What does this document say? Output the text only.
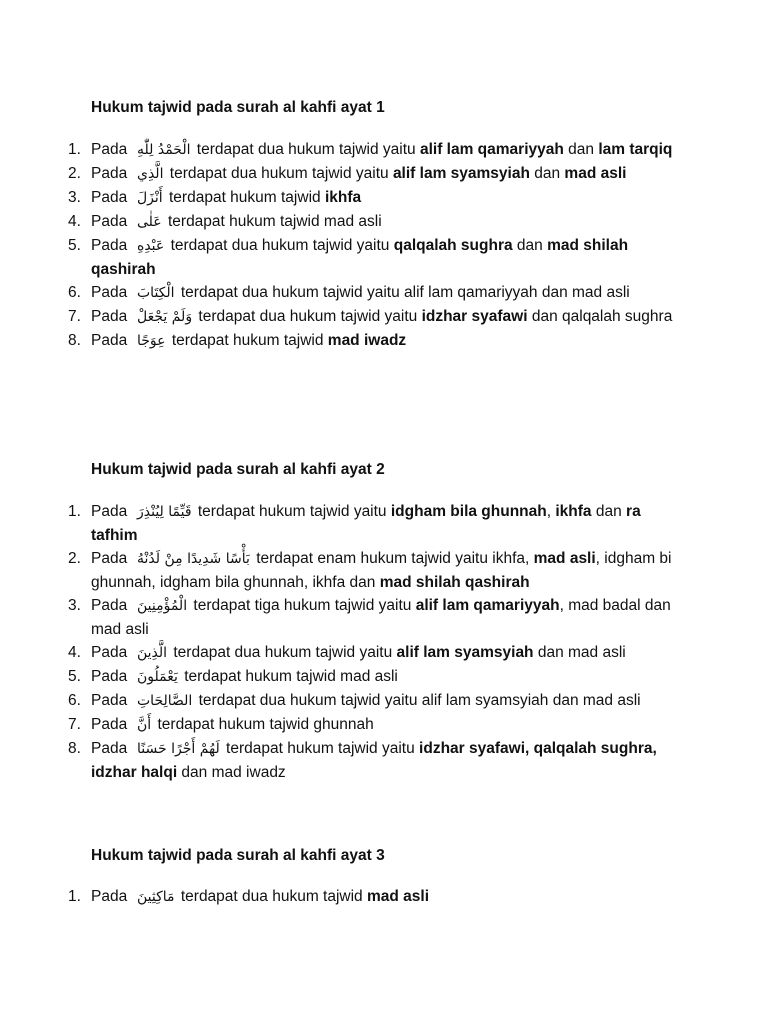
Hukum tajwid pada surah al kahfi ayat 1
1. Pada الْحَمْدُ لِلّٰهِ terdapat dua hukum tajwid yaitu alif lam qamariyyah dan lam tarqiq
2. Pada الَّذِي terdapat dua hukum tajwid yaitu alif lam syamsyiah dan mad asli
3. Pada أَنْزَلَ terdapat hukum tajwid ikhfa
4. Pada عَلٰى terdapat hukum tajwid mad asli
5. Pada عَبْدِهِ terdapat dua hukum tajwid yaitu qalqalah sughra dan mad shilah qashirah
6. Pada الْكِتَابَ terdapat dua hukum tajwid yaitu alif lam qamariyyah dan mad asli
7. Pada وَلَمْ يَجْعَلْ terdapat dua hukum tajwid yaitu idzhar syafawi dan qalqalah sughra
8. Pada عِوَجًا terdapat hukum tajwid mad iwadz
Hukum tajwid pada surah al kahfi ayat 2
1. Pada قَيِّمًا لِيُنْذِرَ terdapat hukum tajwid yaitu idgham bila ghunnah, ikhfa dan ra tafhim
2. Pada بَأْسًا شَدِيدًا مِنْ لَدُنْهُ terdapat enam hukum tajwid yaitu ikhfa, mad asli, idgham bi ghunnah, idgham bila ghunnah, ikhfa dan mad shilah qashirah
3. Pada الْمُؤْمِنِينَ terdapat tiga hukum tajwid yaitu alif lam qamariyyah, mad badal dan mad asli
4. Pada الَّذِينَ terdapat dua hukum tajwid yaitu alif lam syamsyiah dan mad asli
5. Pada يَعْمَلُونَ terdapat hukum tajwid mad asli
6. Pada الصَّالِحَاتِ terdapat dua hukum tajwid yaitu alif lam syamsyiah dan mad asli
7. Pada أَنَّ terdapat hukum tajwid ghunnah
8. Pada لَهُمْ أَجْرًا حَسَنًا terdapat hukum tajwid yaitu idzhar syafawi, qalqalah sughra, idzhar halqi dan mad iwadz
Hukum tajwid pada surah al kahfi ayat 3
1. Pada مَاكِثِينَ terdapat dua hukum tajwid mad asli
